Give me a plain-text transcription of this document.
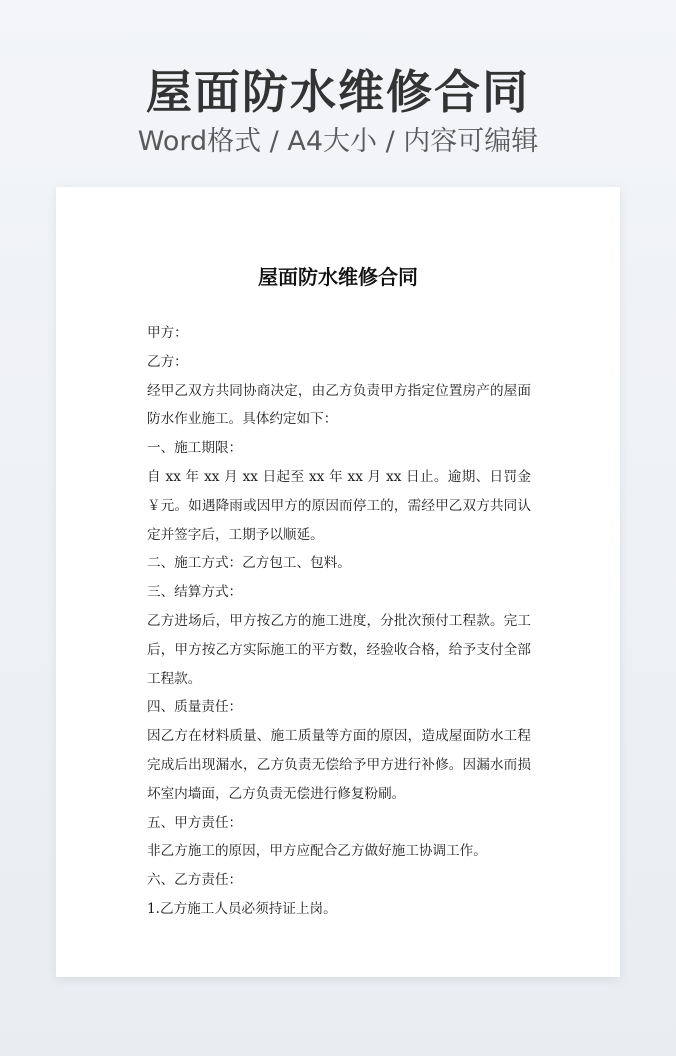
屋面防水维修合同
Word格式 / A4大小 / 内容可编辑
屋面防水维修合同

甲方：

乙方：

经甲乙双方共同协商决定，由乙方负责甲方指定位置房产的屋面防水作业施工。具体约定如下：

一、施工期限：

自 xx 年 xx 月 xx 日起至 xx 年 xx 月 xx 日止。逾期、日罚金￥元。如遇降雨或因甲方的原因而停工的，需经甲乙双方共同认定并签字后，工期予以顺延。

二、施工方式：乙方包工、包料。

三、结算方式：

乙方进场后，甲方按乙方的施工进度，分批次预付工程款。完工后，甲方按乙方实际施工的平方数，经验收合格，给予支付全部工程款。

四、质量责任：

因乙方在材料质量、施工质量等方面的原因，造成屋面防水工程完成后出现漏水，乙方负责无偿给予甲方进行补修。因漏水而损坏室内墙面，乙方负责无偿进行修复粉刷。

五、甲方责任：

非乙方施工的原因，甲方应配合乙方做好施工协调工作。

六、乙方责任：

1.乙方施工人员必须持证上岗。
